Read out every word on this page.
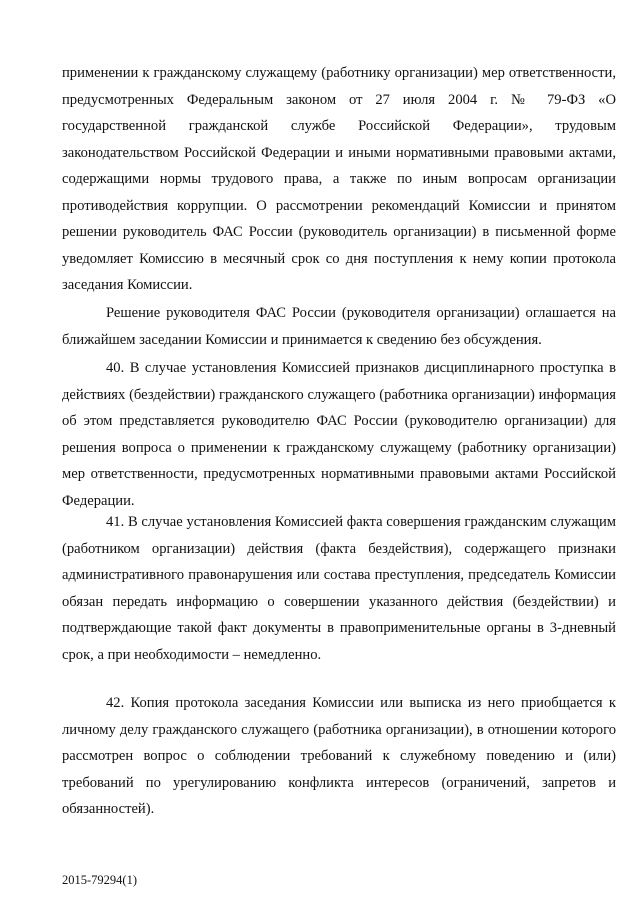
применении к гражданскому служащему (работнику организации) мер ответственности, предусмотренных Федеральным законом от 27 июля 2004 г. № 79-ФЗ «О государственной гражданской службе Российской Федерации», трудовым законодательством Российской Федерации и иными нормативными правовыми актами, содержащими нормы трудового права, а также по иным вопросам организации противодействия коррупции. О рассмотрении рекомендаций Комиссии и принятом решении руководитель ФАС России (руководитель организации) в письменной форме уведомляет Комиссию в месячный срок со дня поступления к нему копии протокола заседания Комиссии.

Решение руководителя ФАС России (руководителя организации) оглашается на ближайшем заседании Комиссии и принимается к сведению без обсуждения.

40. В случае установления Комиссией признаков дисциплинарного проступка в действиях (бездействии) гражданского служащего (работника организации) информация об этом представляется руководителю ФАС России (руководителю организации) для решения вопроса о применении к гражданскому служащему (работнику организации) мер ответственности, предусмотренных нормативными правовыми актами Российской Федерации.

41. В случае установления Комиссией факта совершения гражданским служащим (работником организации) действия (факта бездействия), содержащего признаки административного правонарушения или состава преступления, председатель Комиссии обязан передать информацию о совершении указанного действия (бездействии) и подтверждающие такой факт документы в правоприменительные органы в 3-дневный срок, а при необходимости – немедленно.

42. Копия протокола заседания Комиссии или выписка из него приобщается к личному делу гражданского служащего (работника организации), в отношении которого рассмотрен вопрос о соблюдении требований к служебному поведению и (или) требований по урегулированию конфликта интересов (ограничений, запретов и обязанностей).

2015-79294(1)
